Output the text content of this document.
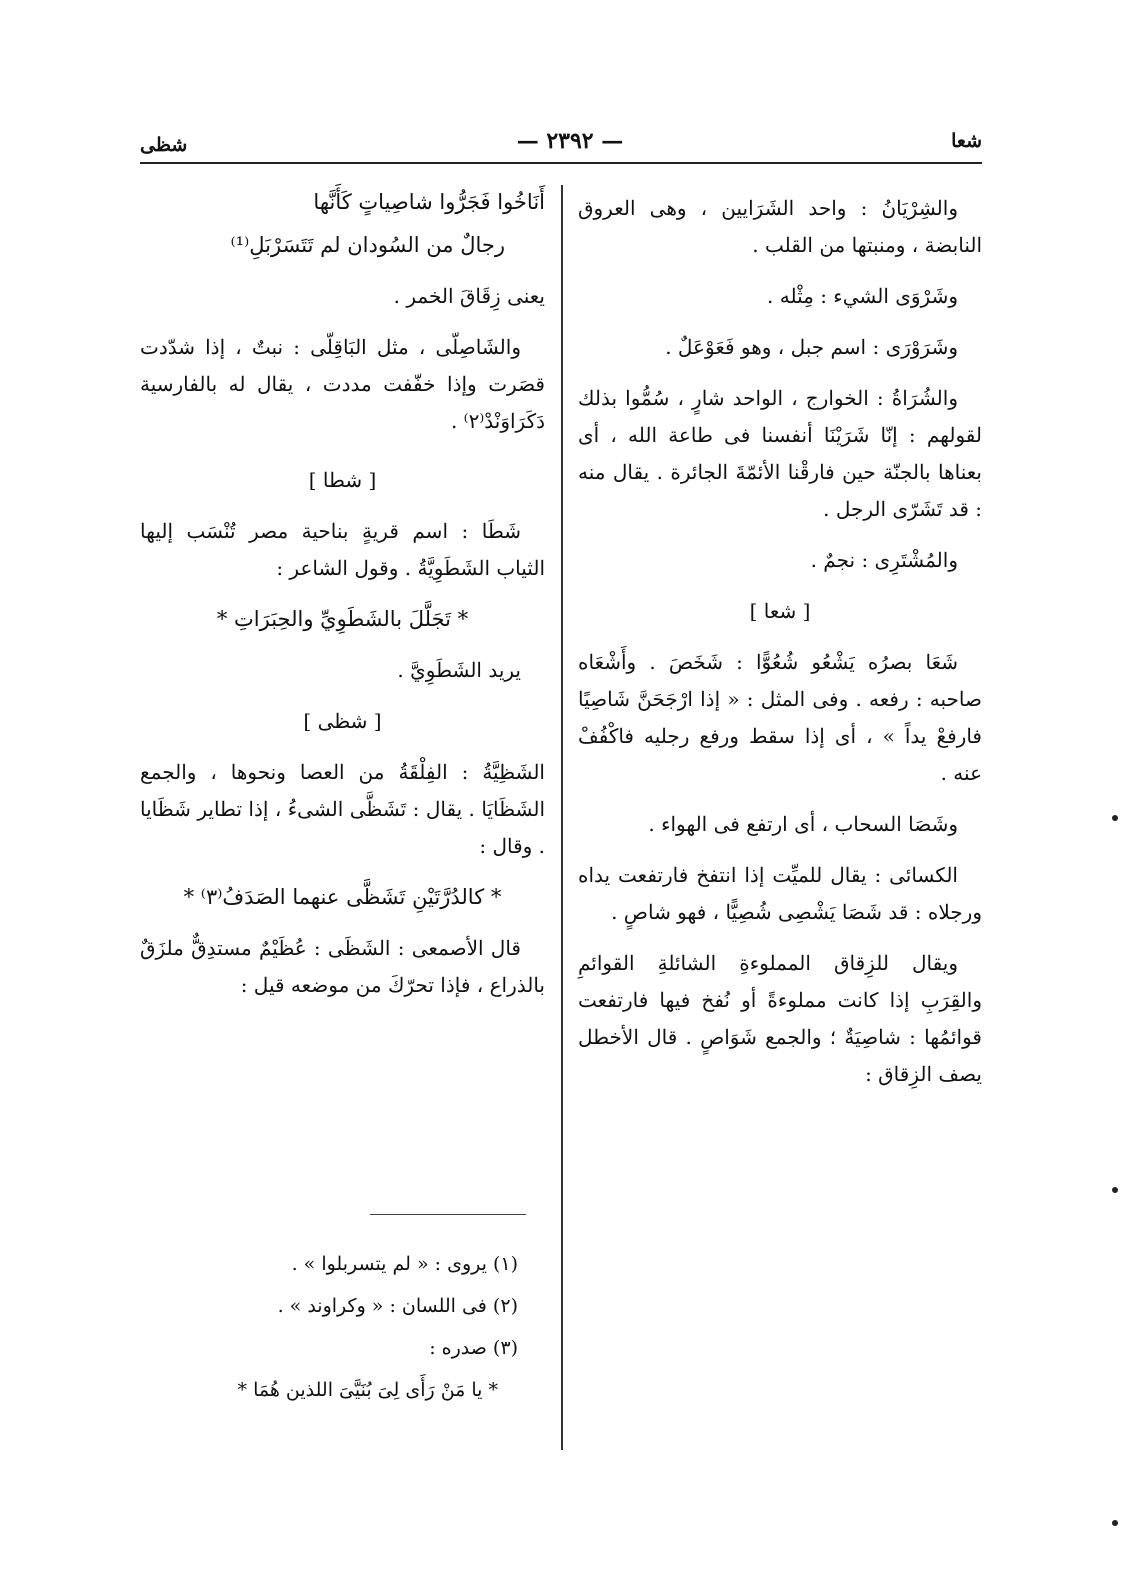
شعا
— ٢٣٩٢ —
شظى

والشِرْيَانُ : واحد الشَرَايين ، وهى العروق النابضة ، ومنبتها من القلب .

وشَرْوَى الشيء : مِثْله .

وشَرَوْرَى : اسم جبل ، وهو فَعَوْعَلٌ .

والشُرَاةُ : الخوارج ، الواحد شارٍ ، سُمُّوا بذلك لقولهم : إنّا شَرَيْنَا أنفسنا فى طاعة الله ، أى بعناها بالجنّة حين فارقْنا الأئمّةَ الجائرة . يقال منه : قد تَشَرّى الرجل .

والمُشْتَرِى : نجمٌ .

[ شعا ]

شَعَا بصرُه يَشْعُو شُعُوًّا : شَخَصَ . وأَشْعَاه صاحبه : رفعه . وفى المثل : « إذا ارْجَحَنَّ شَاصِيًا فارفعْ يداً » ، أى إذا سقط ورفع رجليه فاكْفُفْ عنه .

وشَصَا السحاب ، أى ارتفع فى الهواء .

الكسائى : يقال للميِّت إذا انتفخ فارتفعت يداه ورجلاه : قد شَصَا يَشْصِى شُصِيًّا ، فهو شاصٍ .

ويقال للزِقاق المملوءةِ الشائلةِ القوائمِ والقِرَبِ إذا كانت مملوءةً أو نُفخ فيها فارتفعت قوائمُها : شاصِيَةٌ ؛ والجمع شَوَاصٍ . قال الأخطل يصف الزِقاق :

أَنَاخُوا فَجَرُّوا شاصِياتٍ كَأَنَّها

رجالٌ من السُودان لم تَتَسَرْبَلِ⁽¹⁾

يعنى زِقَاقَ الخمر .

والشَاصِلّى ، مثل البَاقِلّى : نبتٌ ، إذا شدّدت قصَرت وإذا خفّفت مددت ، يقال له بالفارسية دَكَرَاوَنْدْ⁽٢⁾ .

[ شطا ]

شَطَا : اسم قريةٍ بناحية مصر تُنْسَب إليها الثياب الشَطَوِيَّةُ . وقول الشاعر :

* تَجَلَّلَ بالشَطَوِيِّ والحِبَرَاتِ *

يريد الشَطَوِيَّ .

[ شظى ]

الشَظِيَّةُ : الفِلْقَةُ من العصا ونحوها ، والجمع الشَظَايَا . يقال : تَشَظَّى الشىءُ ، إذا تطاير شَظَايا . وقال :

* كالدُرَّتَيْنِ تَشَظَّى عنهما الصَدَفُ⁽٣⁾ *

قال الأصمعى : الشَظَى : عُظَيْمٌ مستدِقٌّ ملزَقٌ بالذراع ، فإذا تحرّكَ من موضعه قيل :

(١) يروى : « لم يتسربلوا » .
(٢) فى اللسان : « وكراوند » .
(٣) صدره :
* يا مَنْ رَأَى لِىَ بُنَيَّىَ اللذين هُمَا *
